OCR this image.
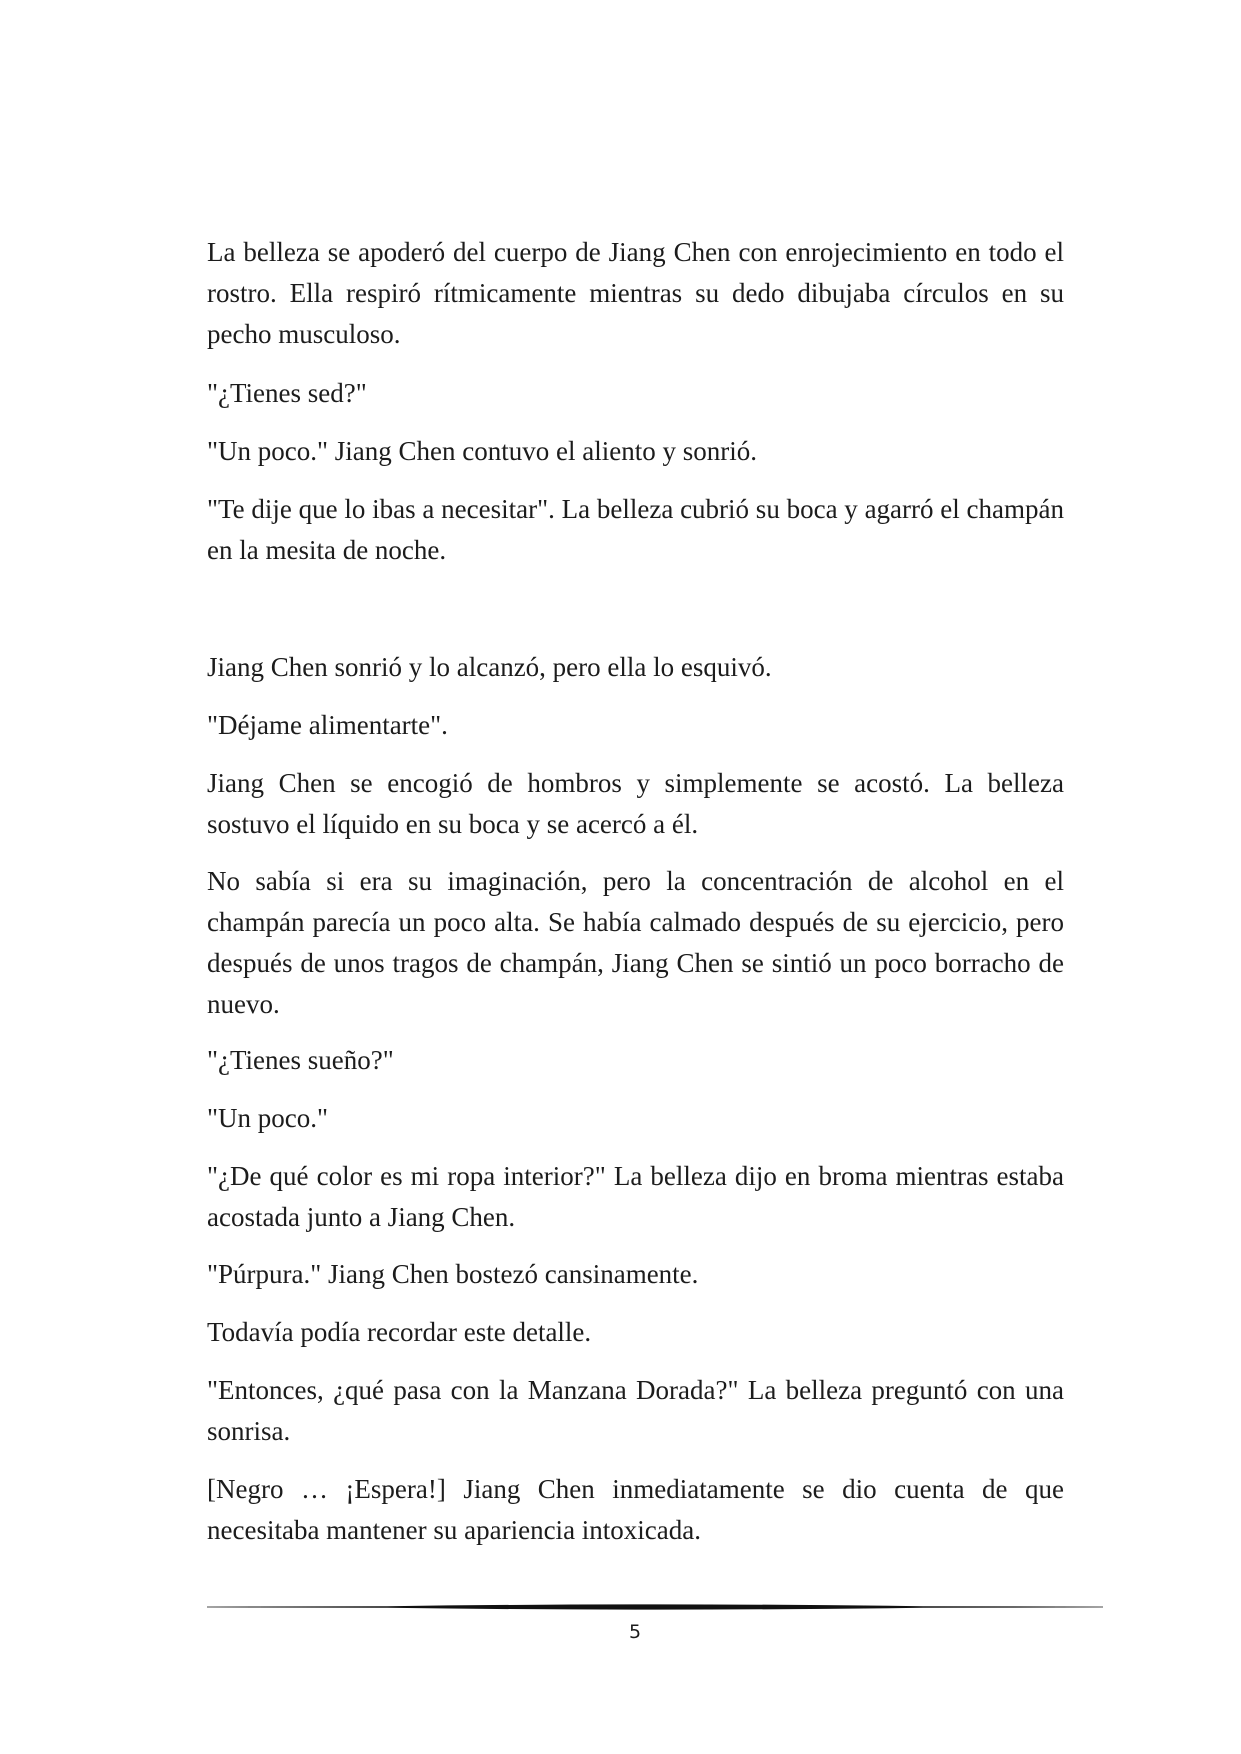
La belleza se apoderó del cuerpo de Jiang Chen con enrojecimiento en todo el rostro. Ella respiró rítmicamente mientras su dedo dibujaba círculos en su pecho musculoso.

"¿Tienes sed?"

"Un poco." Jiang Chen contuvo el aliento y sonrió.

"Te dije que lo ibas a necesitar". La belleza cubrió su boca y agarró el champán en la mesita de noche.

Jiang Chen sonrió y lo alcanzó, pero ella lo esquivó.

"Déjame alimentarte".

Jiang Chen se encogió de hombros y simplemente se acostó. La belleza sostuvo el líquido en su boca y se acercó a él.

No sabía si era su imaginación, pero la concentración de alcohol en el champán parecía un poco alta. Se había calmado después de su ejercicio, pero después de unos tragos de champán, Jiang Chen se sintió un poco borracho de nuevo.

"¿Tienes sueño?"

"Un poco."

"¿De qué color es mi ropa interior?" La belleza dijo en broma mientras estaba acostada junto a Jiang Chen.

"Púrpura." Jiang Chen bostezó cansinamente.

Todavía podía recordar este detalle.

"Entonces, ¿qué pasa con la Manzana Dorada?" La belleza preguntó con una sonrisa.

[Negro … ¡Espera!] Jiang Chen inmediatamente se dio cuenta de que necesitaba mantener su apariencia intoxicada.

5
